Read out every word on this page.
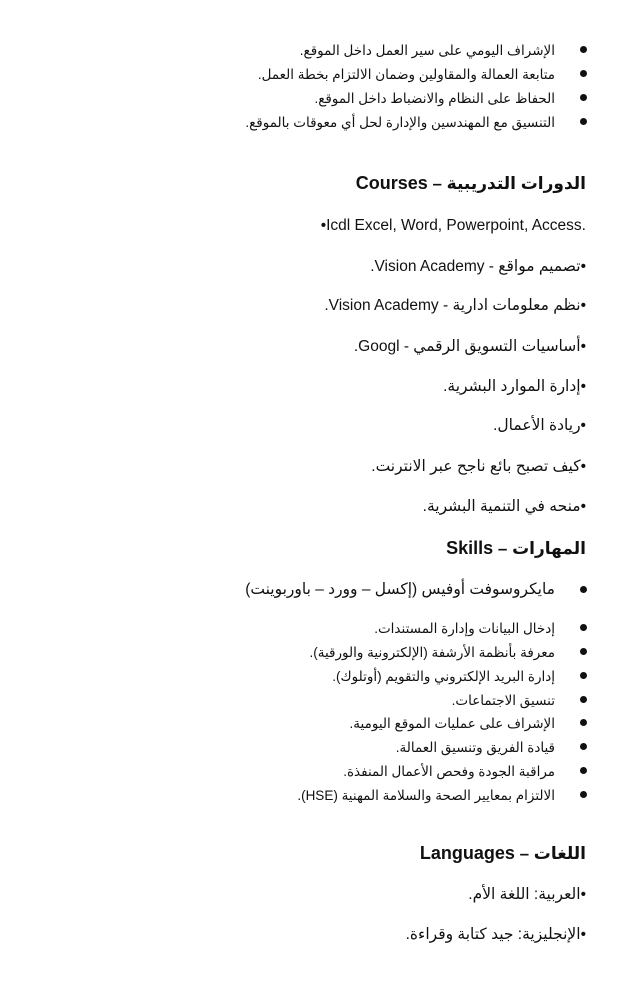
الإشراف اليومي على سير العمل داخل الموقع.
متابعة العمالة والمقاولين وضمان الالتزام بخطة العمل.
الحفاظ على النظام والانضباط داخل الموقع.
التنسيق مع المهندسين والإدارة لحل أي معوقات بالموقع.
الدورات التدريبية – Courses
•Icdl Excel, Word, Powerpoint, Access.
•تصميم مواقع - Vision Academy.
•نظم معلومات ادارية - Vision Academy.
•أساسيات التسويق الرقمي - Googl.
•إدارة الموارد البشرية.
•ريادة الأعمال.
•كيف تصبح بائع ناجح عبر الانترنت.
•منحه في التنمية البشرية.
المهارات – Skills
مايكروسوفت أوفيس (إكسل – وورد – باوربوينت)
إدخال البيانات وإدارة المستندات.
معرفة بأنظمة الأرشفة (الإلكترونية والورقية).
إدارة البريد الإلكتروني والتقويم (أوتلوك).
تنسيق الاجتماعات.
الإشراف على عمليات الموقع اليومية.
قيادة الفريق وتنسيق العمالة.
مراقبة الجودة وفحص الأعمال المنفذة.
الالتزام بمعايير الصحة والسلامة المهنية (HSE).
اللغات – Languages
•العربية: اللغة الأم.
•الإنجليزية: جيد كتابة وقراءة.
